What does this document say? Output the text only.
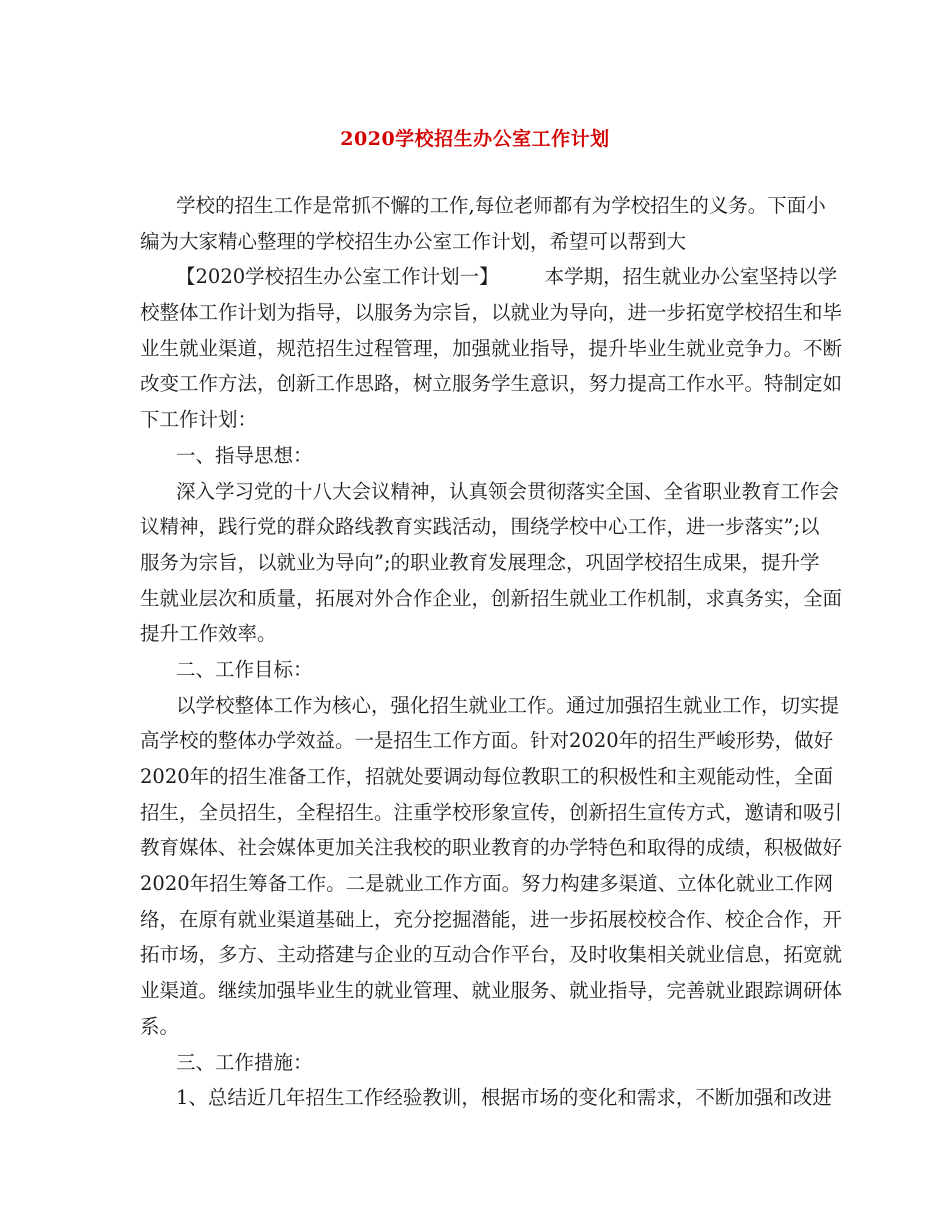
2020学校招生办公室工作计划
学校的招生工作是常抓不懈的工作,每位老师都有为学校招生的义务。下面小
编为大家精心整理的学校招生办公室工作计划，希望可以帮到大
【2020学校招生办公室工作计划一】 本学期，招生就业办公室坚持以学
校整体工作计划为指导，以服务为宗旨，以就业为导向，进一步拓宽学校招生和毕
业生就业渠道，规范招生过程管理，加强就业指导，提升毕业生就业竞争力。不断
改变工作方法，创新工作思路，树立服务学生意识，努力提高工作水平。特制定如
下工作计划：
一、指导思想：
深入学习党的十八大会议精神，认真领会贯彻落实全国、全省职业教育工作会
议精神，践行党的群众路线教育实践活动，围绕学校中心工作，进一步落实”;以
服务为宗旨，以就业为导向”;的职业教育发展理念，巩固学校招生成果，提升学
生就业层次和质量，拓展对外合作企业，创新招生就业工作机制，求真务实，全面
提升工作效率。
二、工作目标：
以学校整体工作为核心，强化招生就业工作。通过加强招生就业工作，切实提
高学校的整体办学效益。一是招生工作方面。针对2020年的招生严峻形势，做好
2020年的招生准备工作，招就处要调动每位教职工的积极性和主观能动性，全面
招生，全员招生，全程招生。注重学校形象宣传，创新招生宣传方式，邀请和吸引
教育媒体、社会媒体更加关注我校的职业教育的办学特色和取得的成绩，积极做好
2020年招生筹备工作。二是就业工作方面。努力构建多渠道、立体化就业工作网
络，在原有就业渠道基础上，充分挖掘潜能，进一步拓展校校合作、校企合作，开
拓市场，多方、主动搭建与企业的互动合作平台，及时收集相关就业信息，拓宽就
业渠道。继续加强毕业生的就业管理、就业服务、就业指导，完善就业跟踪调研体
系。
三、工作措施：
1、总结近几年招生工作经验教训，根据市场的变化和需求，不断加强和改进
